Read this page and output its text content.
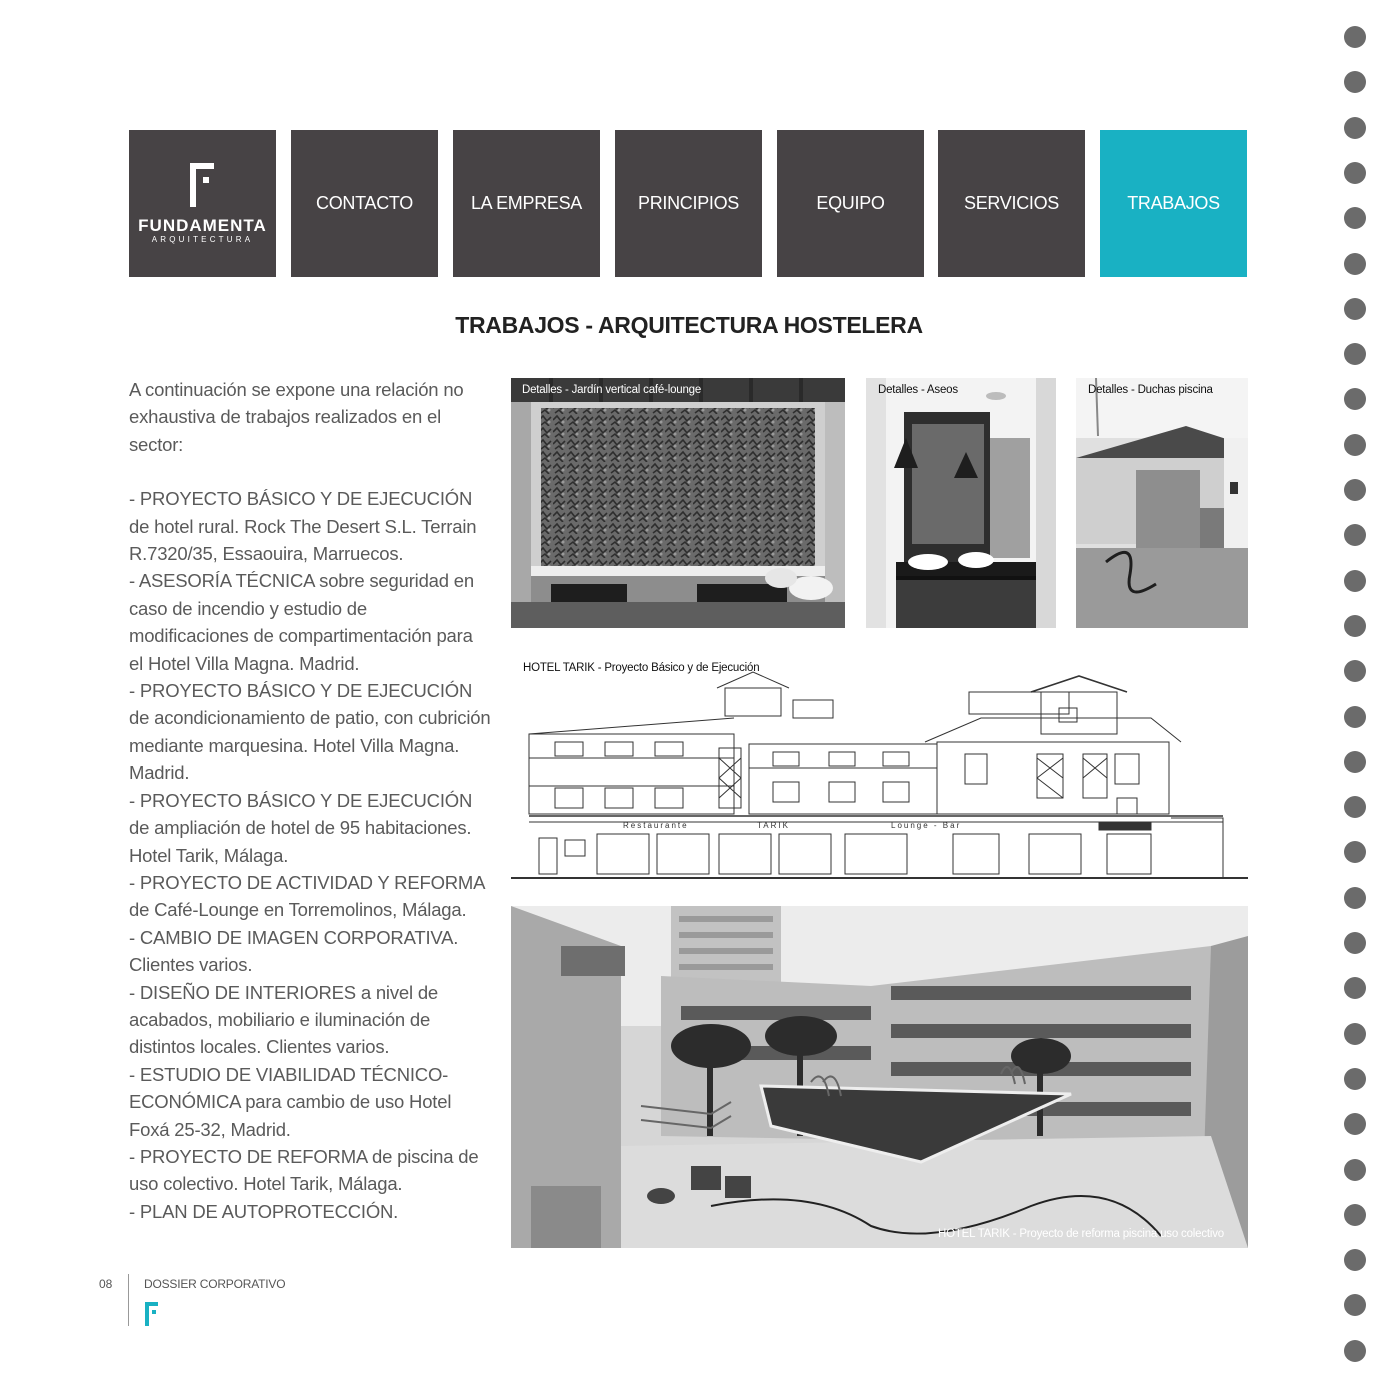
FUNDAMENTA
ARQUITECTURA
CONTACTO	LA EMPRESA	PRINCIPIOS	EQUIPO	SERVICIOS	TRABAJOS
TRABAJOS - ARQUITECTURA HOSTELERA

A continuación se expone una relación no exhaustiva de trabajos realizados en el sector:

- PROYECTO BÁSICO Y DE EJECUCIÓN de hotel rural. Rock The Desert S.L. Terrain R.7320/35, Essaouira, Marruecos.

- ASESORÍA TÉCNICA sobre seguridad en caso de incendio y estudio de modificaciones de compartimentación para el Hotel Villa Magna. Madrid.

- PROYECTO BÁSICO Y DE EJECUCIÓN de acondicionamiento de patio, con cubrición mediante marquesina. Hotel Villa Magna. Madrid.

- PROYECTO BÁSICO Y DE EJECUCIÓN de ampliación de hotel de 95 habitaciones. Hotel Tarik, Málaga.

- PROYECTO DE ACTIVIDAD Y REFORMA de Café-Lounge en Torremolinos, Málaga.

- CAMBIO DE IMAGEN CORPORATIVA. Clientes varios.

- DISEÑO DE INTERIORES a nivel de acabados, mobiliario e iluminación de distintos locales. Clientes varios.

- ESTUDIO DE VIABILIDAD TÉCNICO-ECONÓMICA para cambio de uso Hotel Foxá 25-32, Madrid.

- PROYECTO DE REFORMA de piscina de uso colectivo. Hotel Tarik, Málaga.

- PLAN DE AUTOPROTECCIÓN.

Detalles - Jardín vertical café-lounge	Detalles - Aseos	Detalles - Duchas piscina
HOTEL TARIK - Proyecto Básico y de Ejecución
Restaurante	TARIK	Lounge - Bar
HOTEL TARIK - Proyecto de reforma piscina uso colectivo
08	DOSSIER CORPORATIVO
